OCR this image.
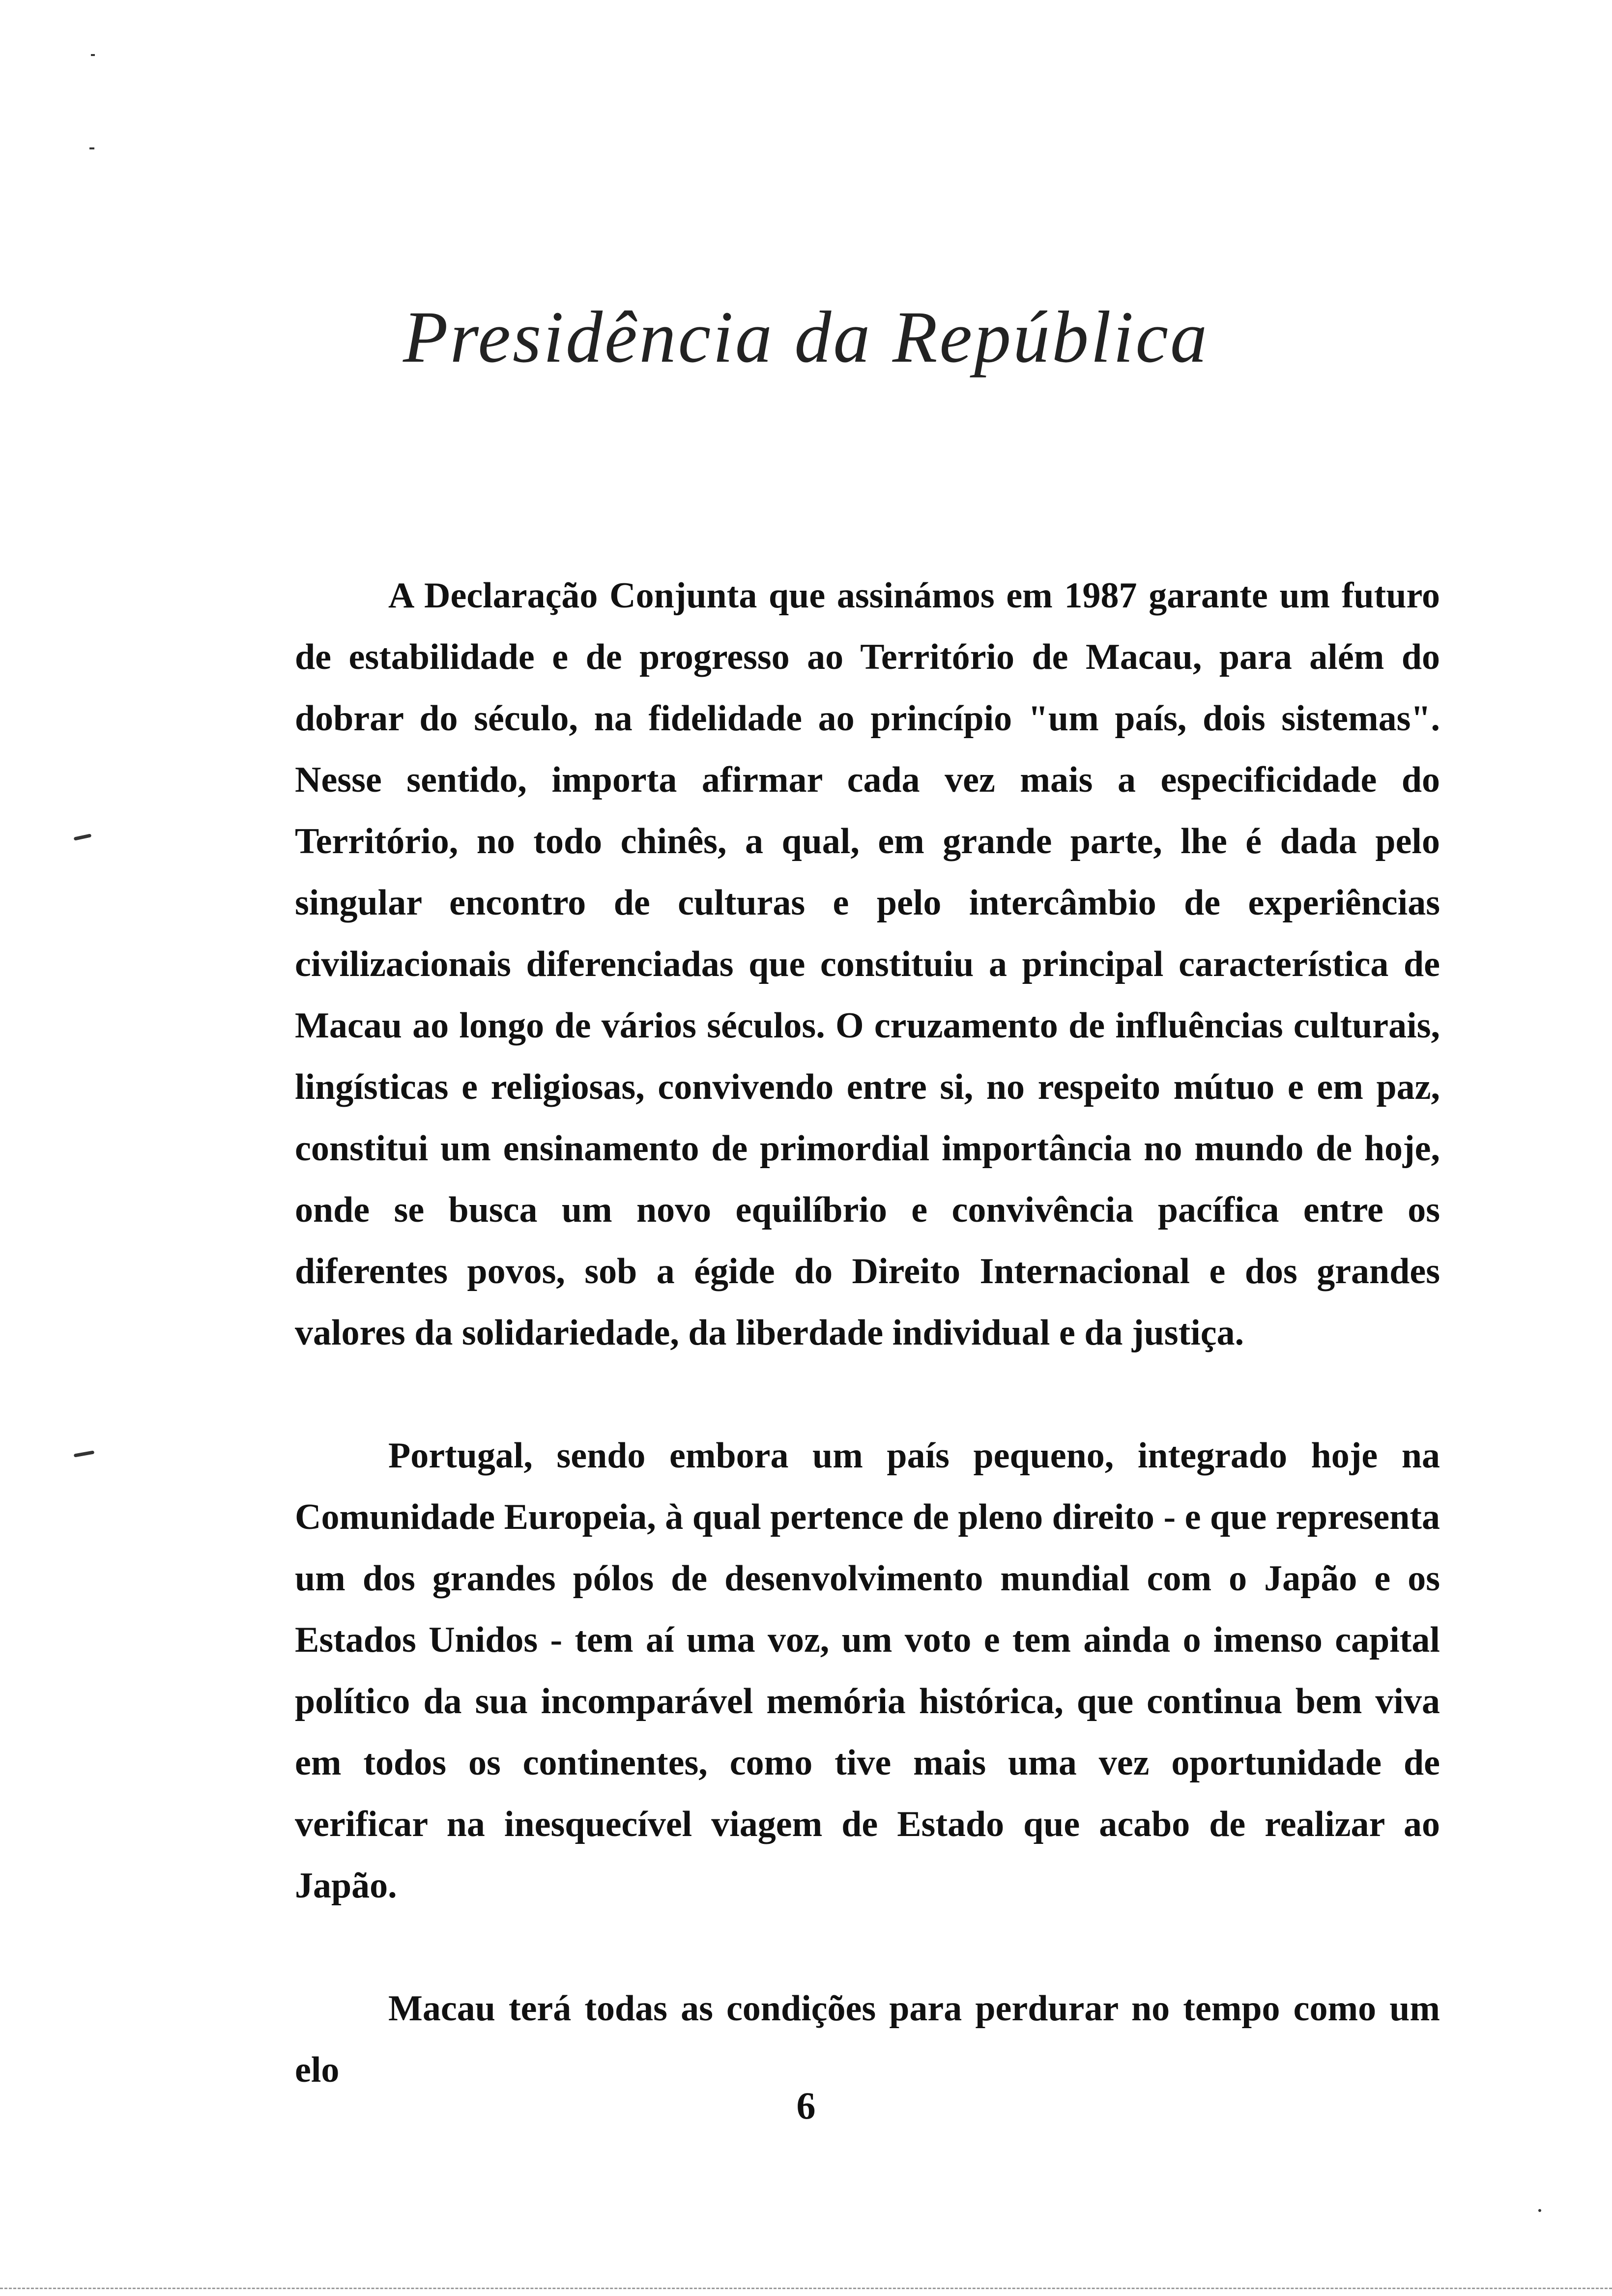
Presidência da República

A Declaração Conjunta que assinámos em 1987 garante um futuro de estabilidade e de progresso ao Território de Macau, para além do dobrar do século, na fidelidade ao princípio "um país, dois sistemas". Nesse sentido, importa afirmar cada vez mais a especificidade do Território, no todo chinês, a qual, em grande parte, lhe é dada pelo singular encontro de culturas e pelo intercâmbio de experiências civilizacionais diferenciadas que constituiu a principal característica de Macau ao longo de vários séculos. O cruzamento de influências culturais, lingísticas e religiosas, convivendo entre si, no respeito mútuo e em paz, constitui um ensinamento de primordial importância no mundo de hoje, onde se busca um novo equilíbrio e convivência pacífica entre os diferentes povos, sob a égide do Direito Internacional e dos grandes valores da solidariedade, da liberdade individual e da justiça.

Portugal, sendo embora um país pequeno, integrado hoje na Comunidade Europeia, à qual pertence de pleno direito - e que representa um dos grandes pólos de desenvolvimento mundial com o Japão e os Estados Unidos - tem aí uma voz, um voto e tem ainda o imenso capital político da sua incomparável memória histórica, que continua bem viva em todos os continentes, como tive mais uma vez oportunidade de verificar na inesquecível viagem de Estado que acabo de realizar ao Japão.

Macau terá todas as condições para perdurar no tempo como um elo

6
